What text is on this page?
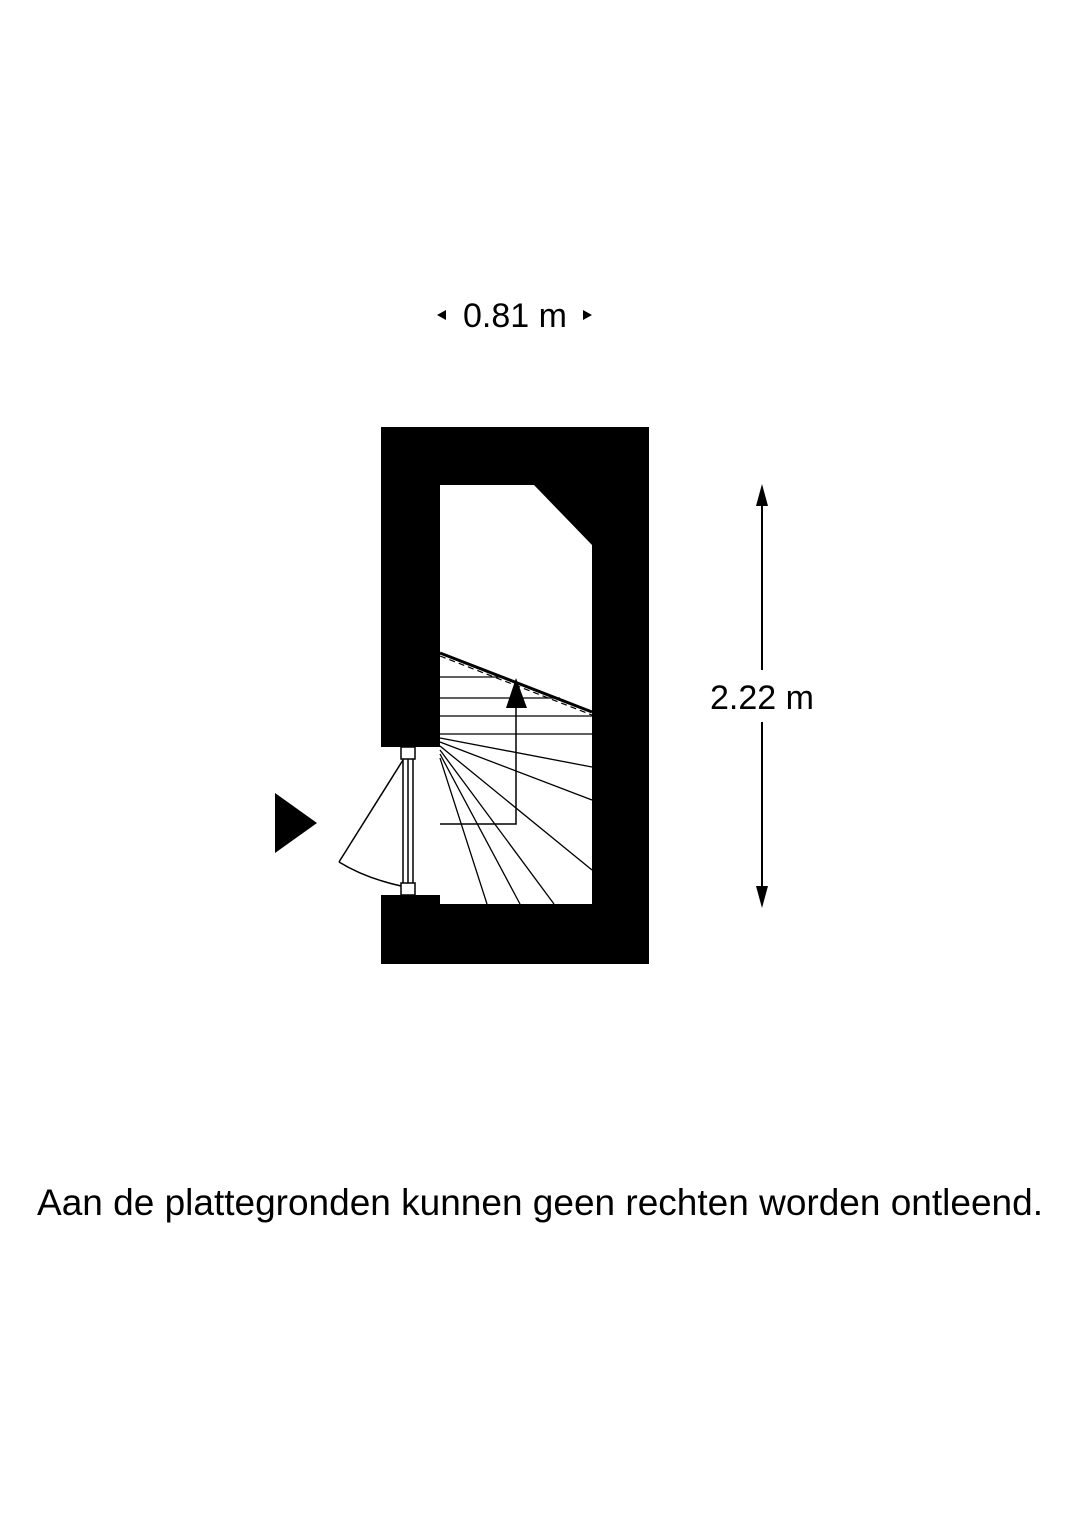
0.81 m
2.22 m
Aan de plattegronden kunnen geen rechten worden ontleend.
